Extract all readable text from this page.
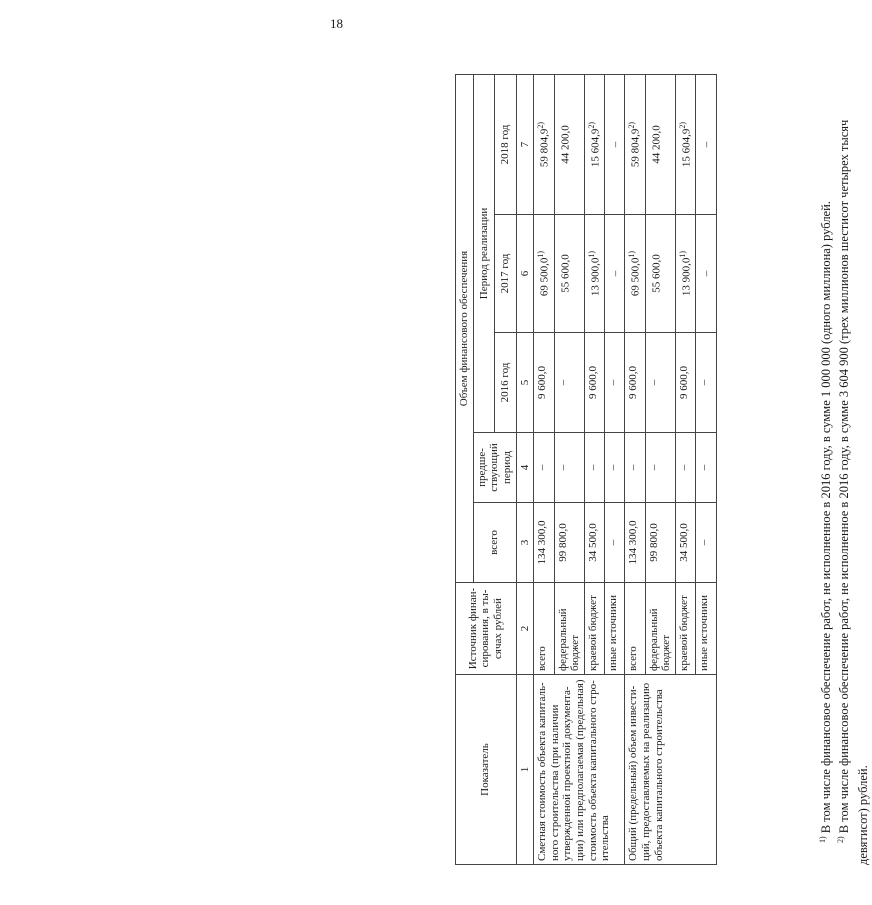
18
Показатель	Источник финан-сирования, в ты-сячах рублей	Объем финансового обеспечения				
		всего	предше-ствующий период	Период реализации		
				2016 год	2017 год	2018 год
1	2	3	4	5	6	7
Сметная стоимость объекта капиталь-ного строительства (при наличии утвержденной проектной документа-ции) или предполагаемая (предельная) стоимость объекта капитального стро-ительства	всего	134 300,0	–	9 600,0	69 500,0$^{1)}$	59 804,9$^{2)}$
	федеральный бюджет	99 800,0	–	–	55 600,0	44 200,0
	краевой бюджет	34 500,0	–	9 600,0	13 900,0$^{1)}$	15 604,9$^{2)}$
	иные источники	–	–	–	–	–
Общий (предельный) объем инвести-ций, предоставляемых на реализацию объекта капитального строительства	всего	134 300,0	–	9 600,0	69 500,0$^{1)}$	59 804,9$^{2)}$
	федеральный бюджет	99 800,0	–	–	55 600,0	44 200,0
	краевой бюджет	34 500,0	–	9 600,0	13 900,0$^{1)}$	15 604,9$^{2)}$
	иные источники	–	–	–	–	–

$^{1)}$ В том числе финансовое обеспечение работ, не исполненное в 2016 году, в сумме 1 000 000 (одного миллиона) рублей.

$^{2)}$ В том числе финансовое обеспечение работ, не исполненное в 2016 году, в сумме 3 604 900 (трех миллионов шестисот четырех тысяч девятисот) рублей.
